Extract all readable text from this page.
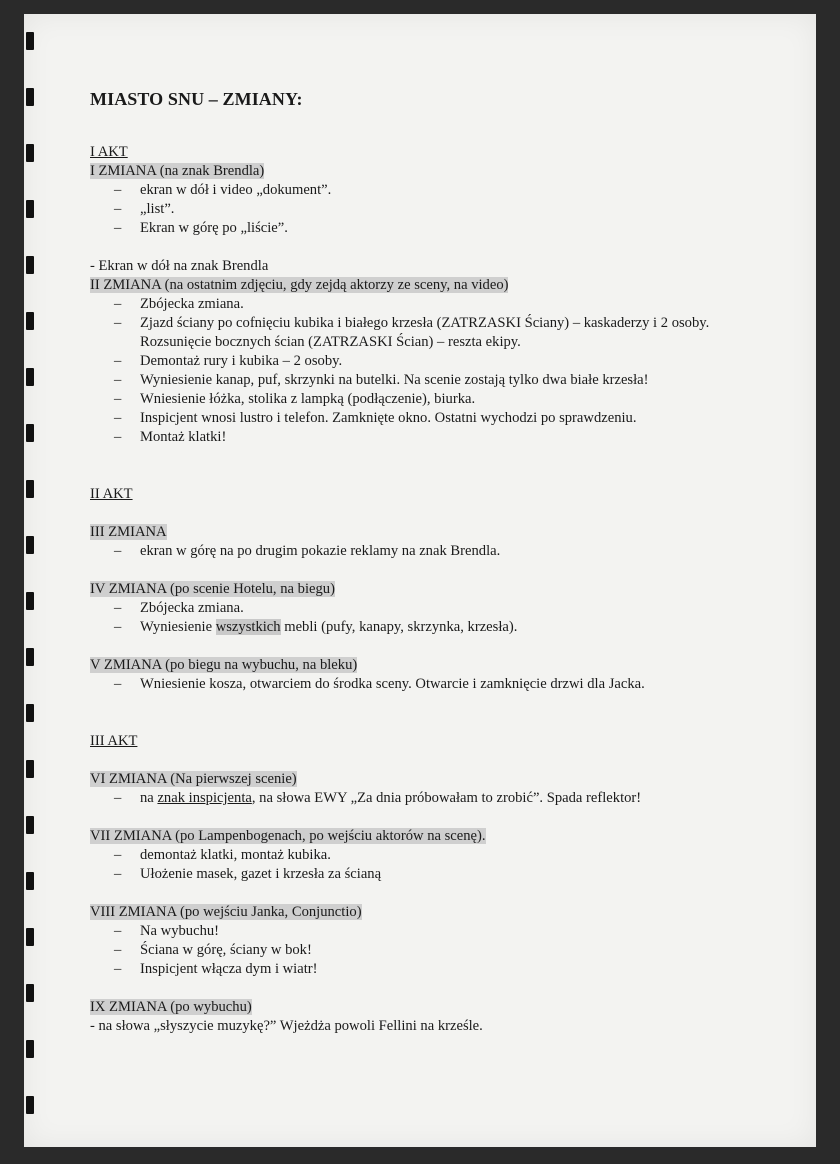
MIASTO SNU – ZMIANY:

I AKT

I ZMIANA (na znak Brendla)

– ekran w dół i video „dokument”.
– „list”.
– Ekran w górę po „liście”.

- Ekran w dół na znak Brendla

II ZMIANA (na ostatnim zdjęciu, gdy zejdą aktorzy ze sceny, na video)

– Zbójecka zmiana.
– Zjazd ściany po cofnięciu kubika i białego krzesła (ZATRZASKI Ściany) – kaskaderzy i 2 osoby. Rozsunięcie bocznych ścian (ZATRZASKI Ścian) – reszta ekipy.
– Demontaż rury i kubika – 2 osoby.
– Wyniesienie kanap, puf, skrzynki na butelki. Na scenie zostają tylko dwa białe krzesła!
– Wniesienie łóżka, stolika z lampką (podłączenie), biurka.
– Inspicjent wnosi lustro i telefon. Zamknięte okno. Ostatni wychodzi po sprawdzeniu.
– Montaż klatki!

II AKT

III ZMIANA

– ekran w górę na po drugim pokazie reklamy na znak Brendla.

IV ZMIANA (po scenie Hotelu, na biegu)

– Zbójecka zmiana.
– Wyniesienie wszystkich mebli (pufy, kanapy, skrzynka, krzesła).

V ZMIANA (po biegu na wybuchu, na bleku)

– Wniesienie kosza, otwarciem do środka sceny. Otwarcie i zamknięcie drzwi dla Jacka.

III AKT

VI ZMIANA (Na pierwszej scenie)

– na znak inspicjenta, na słowa EWY „Za dnia próbowałam to zrobić”. Spada reflektor!

VII ZMIANA (po Lampenbogenach, po wejściu aktorów na scenę).

– demontaż klatki, montaż kubika.
– Ułożenie masek, gazet i krzesła za ścianą

VIII ZMIANA (po wejściu Janka, Conjunctio)

– Na wybuchu!
– Ściana w górę, ściany w bok!
– Inspicjent włącza dym i wiatr!

IX ZMIANA (po wybuchu)

- na słowa „słyszycie muzykę?” Wjeżdża powoli Fellini na krześle.
